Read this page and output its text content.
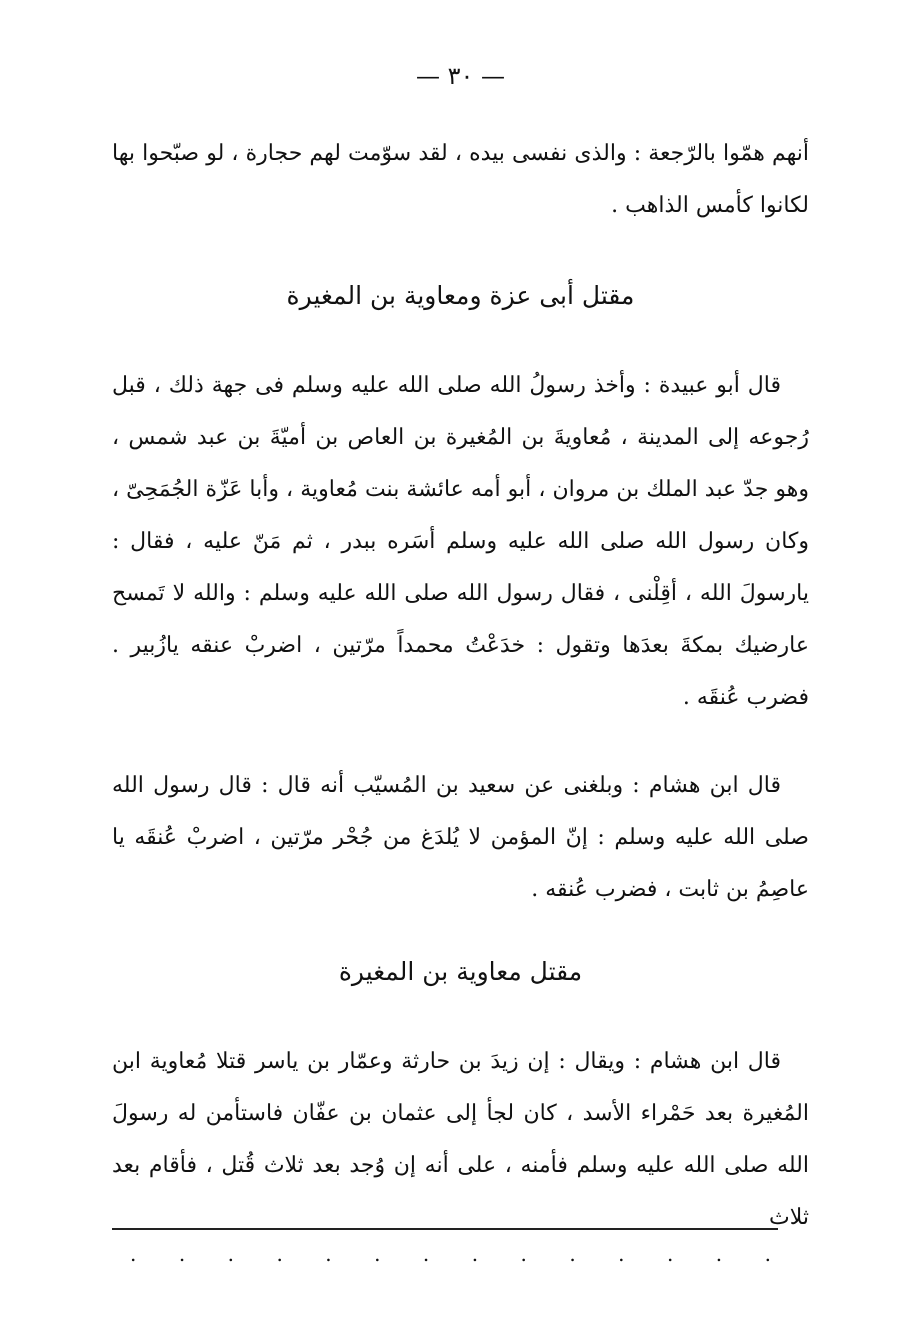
— ٣٠ —

أنهم همّوا بالرّجعة : والذى نفسى بيده ، لقد سوّمت لهم حجارة ، لو صبّحوا بها لكانوا كأمس الذاهب .

مقتل أبى عزة ومعاوية بن المغيرة

قال أبو عبيدة : وأخذ رسولُ الله صلى الله عليه وسلم فى جهة ذلك ، قبل رُجوعه إلى المدينة ، مُعاويةَ بن المُغيرة بن العاص بن أميّةَ بن عبد شمس ، وهو جدّ عبد الملك بن مروان ، أبو أمه عائشة بنت مُعاوية ، وأبا عَزّة الجُمَحِىّ ، وكان رسول الله صلى الله عليه وسلم أسَره ببدر ، ثم مَنّ عليه ، فقال : يارسولَ الله ، أقِلْنى ، فقال رسول الله صلى الله عليه وسلم : والله لا تَمسح عارضيك بمكةَ بعدَها وتقول : خدَعْتُ محمداً مرّتين ، اضربْ عنقه يازُبير . فضرب عُنقَه .

قال ابن هشام : وبلغنى عن سعيد بن المُسيّب أنه قال : قال رسول الله صلى الله عليه وسلم : إنّ المؤمن لا يُلدَغ من جُحْر مرّتين ، اضربْ عُنقَه يا عاصِمُ بن ثابت ، فضرب عُنقه .

مقتل معاوية بن المغيرة

قال ابن هشام : ويقال : إن زيدَ بن حارثة وعمّار بن ياسر قتلا مُعاوية ابن المُغيرة بعد حَمْراء الأسد ، كان لجأ إلى عثمان بن عفّان فاستأمن له رسولَ الله صلى الله عليه وسلم فأمنه ، على أنه إن وُجد بعد ثلاث قُتل ، فأقام بعد ثلاث

. . . . . . . . . . . . . .
